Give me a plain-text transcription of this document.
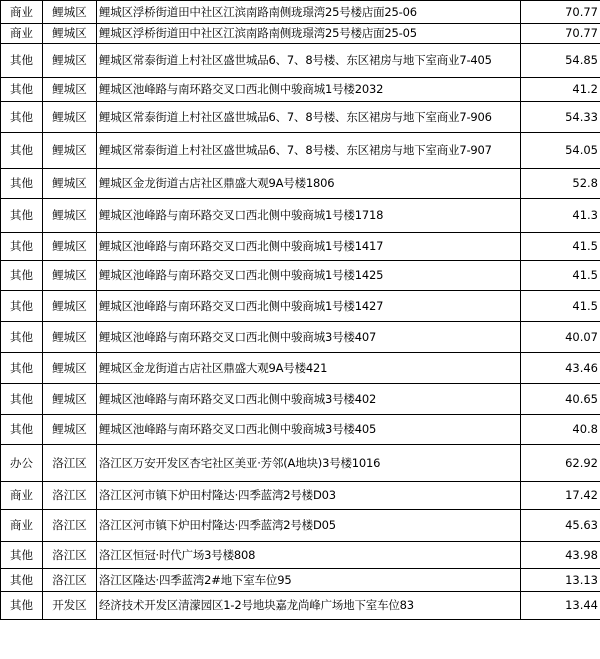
商业	鲤城区	鲤城区浮桥街道田中社区江滨南路南侧珑璟湾25号楼店面25-06	70.77
商业	鲤城区	鲤城区浮桥街道田中社区江滨南路南侧珑璟湾25号楼店面25-05	70.77
其他	鲤城区	鲤城区常泰街道上村社区盛世城品6、7、8号楼、东区裙房与地下室商业7-405	54.85
其他	鲤城区	鲤城区池峰路与南环路交叉口西北侧中骏商城1号楼2032	41.2
其他	鲤城区	鲤城区常泰街道上村社区盛世城品6、7、8号楼、东区裙房与地下室商业7-906	54.33
其他	鲤城区	鲤城区常泰街道上村社区盛世城品6、7、8号楼、东区裙房与地下室商业7-907	54.05
其他	鲤城区	鲤城区金龙街道古店社区鼎盛大观9A号楼1806	52.8
其他	鲤城区	鲤城区池峰路与南环路交叉口西北侧中骏商城1号楼1718	41.3
其他	鲤城区	鲤城区池峰路与南环路交叉口西北侧中骏商城1号楼1417	41.5
其他	鲤城区	鲤城区池峰路与南环路交叉口西北侧中骏商城1号楼1425	41.5
其他	鲤城区	鲤城区池峰路与南环路交叉口西北侧中骏商城1号楼1427	41.5
其他	鲤城区	鲤城区池峰路与南环路交叉口西北侧中骏商城3号楼407	40.07
其他	鲤城区	鲤城区金龙街道古店社区鼎盛大观9A号楼421	43.46
其他	鲤城区	鲤城区池峰路与南环路交叉口西北侧中骏商城3号楼402	40.65
其他	鲤城区	鲤城区池峰路与南环路交叉口西北侧中骏商城3号楼405	40.8
办公	洛江区	洛江区万安开发区杏宅社区美亚·芳邻(A地块)3号楼1016	62.92
商业	洛江区	洛江区河市镇下炉田村隆达·四季蓝湾2号楼D03	17.42
商业	洛江区	洛江区河市镇下炉田村隆达·四季蓝湾2号楼D05	45.63
其他	洛江区	洛江区恒冠·时代广场3号楼808	43.98
其他	洛江区	洛江区隆达·四季蓝湾2#地下室车位95	13.13
其他	开发区	经济技术开发区清濛园区1-2号地块嘉龙尚峰广场地下室车位83	13.44
